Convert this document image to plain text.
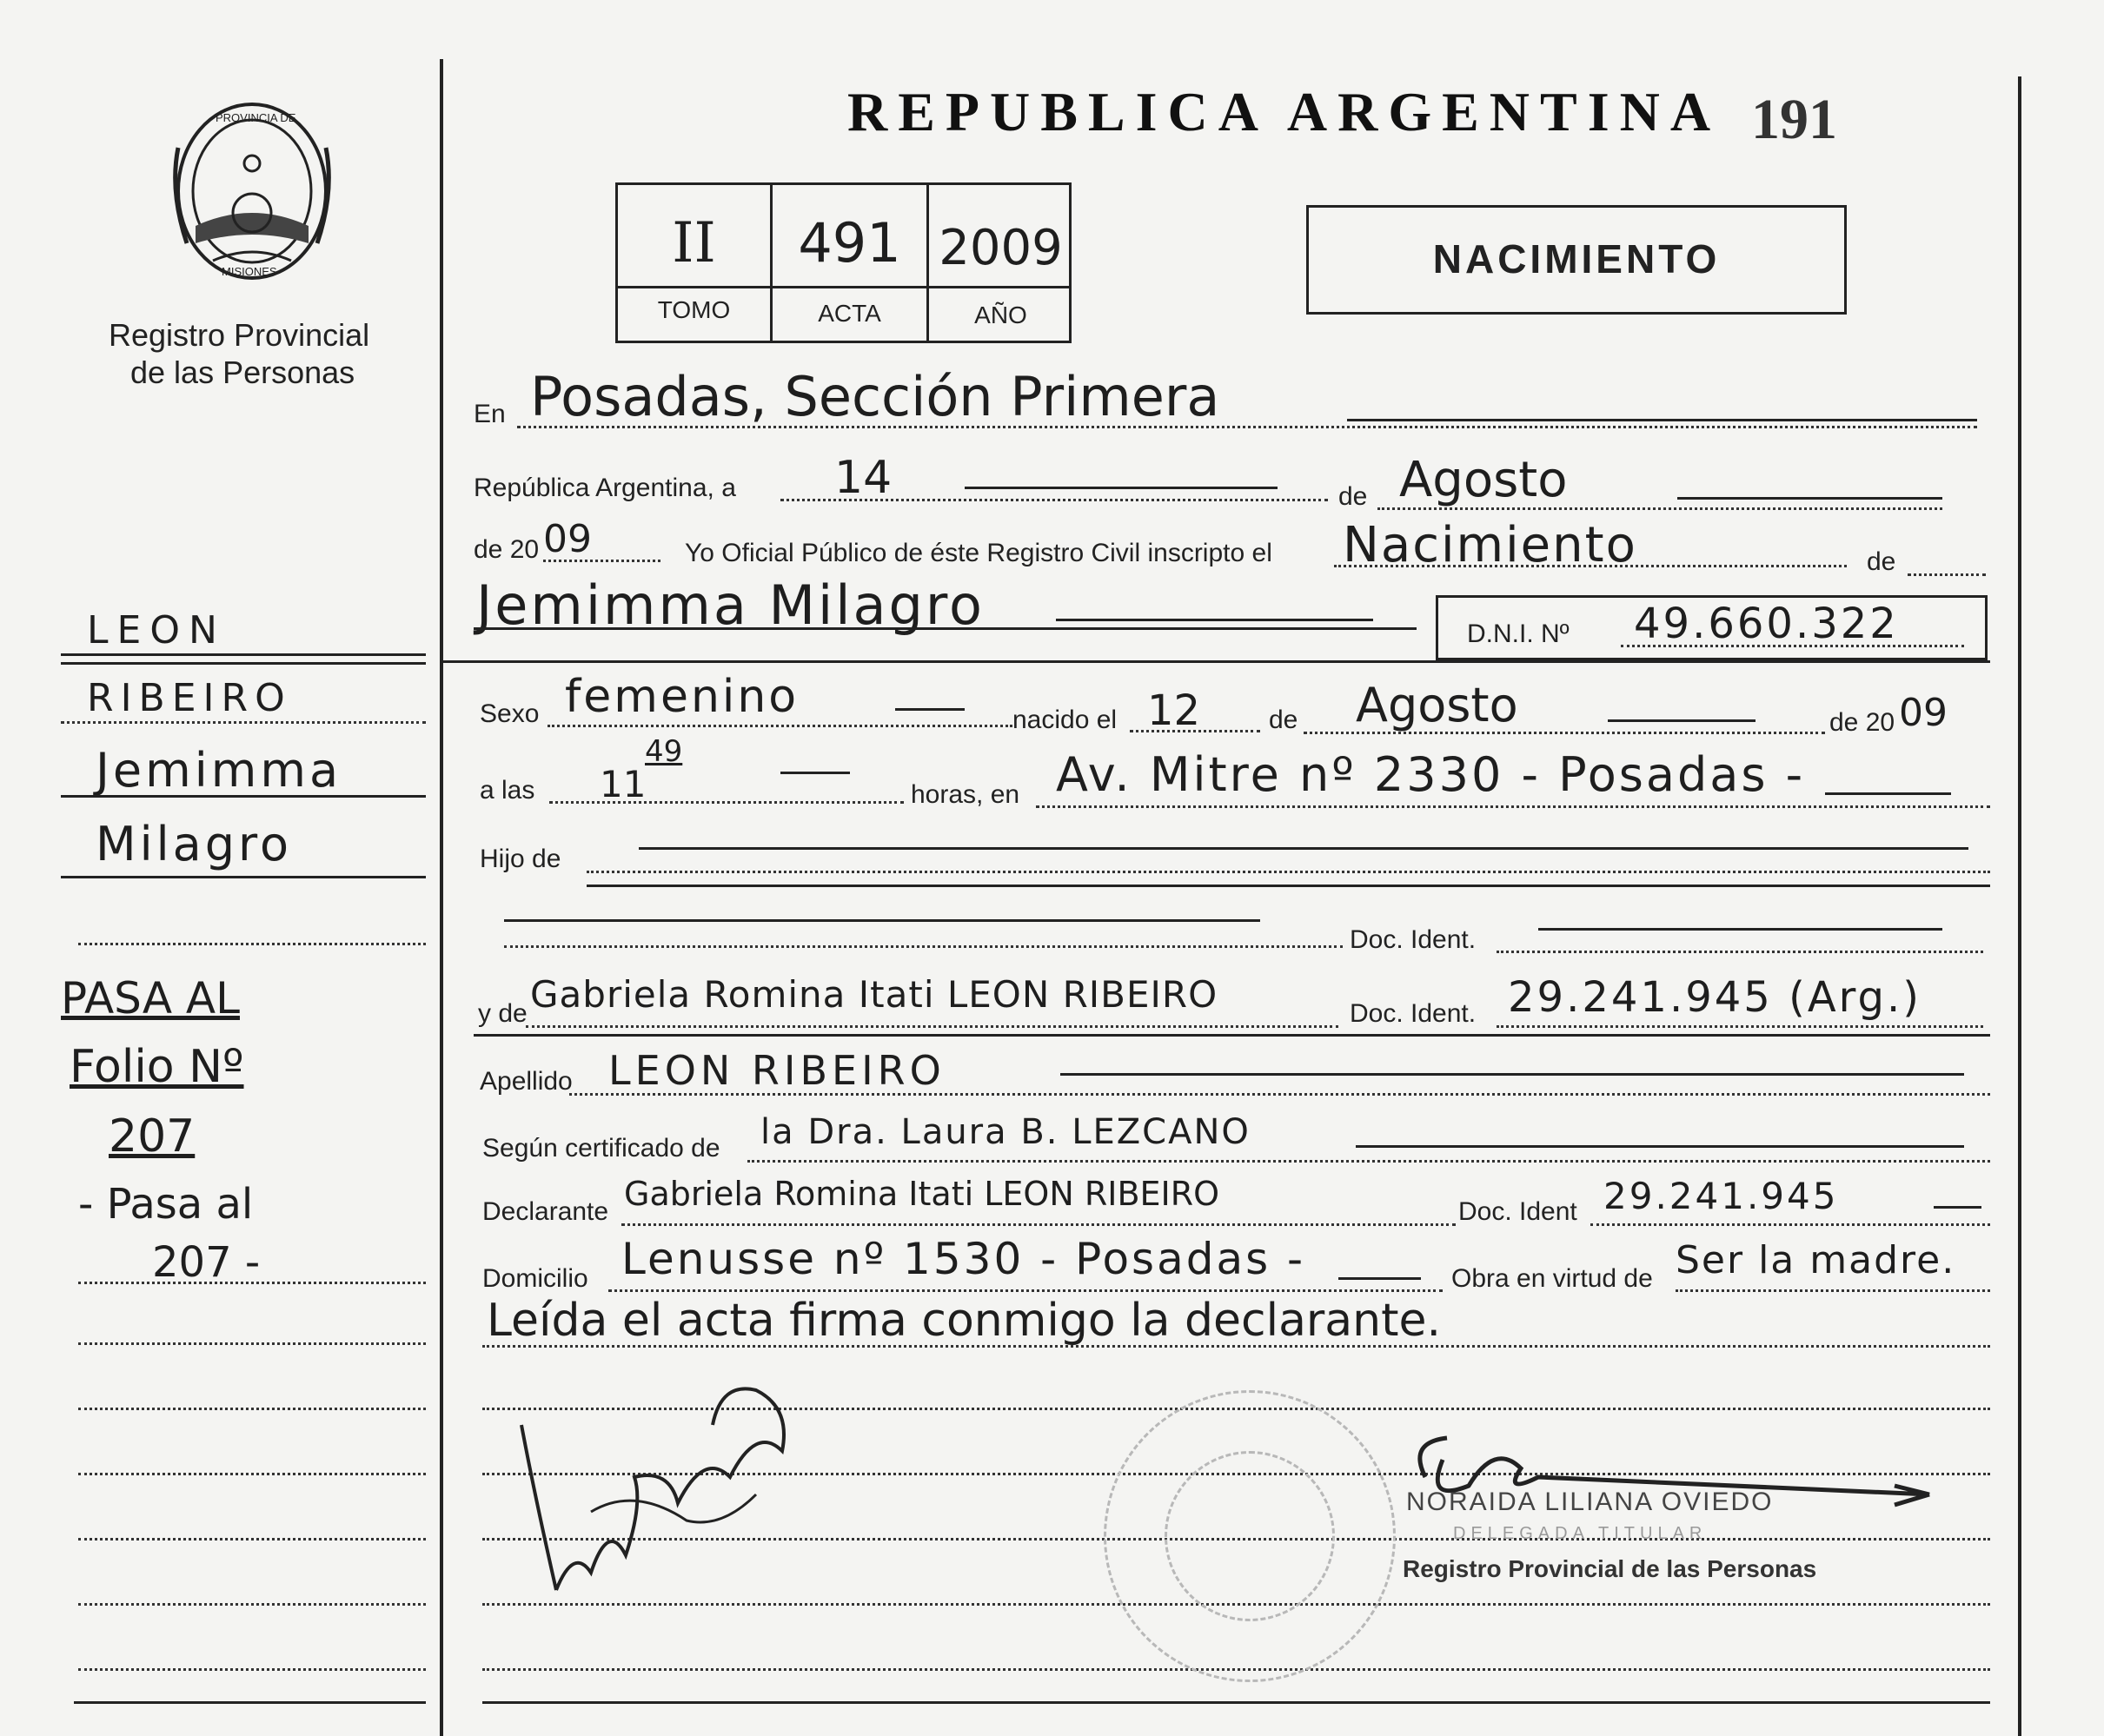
PROVINCIA DE
MISIONES
Registro Provincial
de las Personas
REPUBLICA ARGENTINA 191
II	491 2009
TOMO	ACTA	AÑO
NACIMIENTO
LEON
RIBEIRO
Jemimma
Milagro
PASA AL
Folio Nº
207
- Pasa al
207 -
En Posadas, Sección Primera
República Argentina, a 14	de Agosto
de 20 09	Yo Oficial Público de éste Registro Civil inscripto el Nacimiento	de
Jemimma Milagro	D.N.I. Nº 49.660.322
Sexo femenino	nacido el 12	de Agosto	de 20 09
a las 11
49
horas, en Av. Mitre nº 2330 - Posadas -
Hijo de
Doc. Ident.
y de Gabriela Romina Itati LEON RIBEIRO	Doc. Ident. 29.241.945 (Arg.)
Apellido LEON RIBEIRO
Según certificado de la Dra. Laura B. LEZCANO
Declarante Gabriela Romina Itati LEON RIBEIRO	Doc. Ident 29.241.945
Domicilio Lenusse nº 1530 - Posadas -	Obra en virtud de Ser la madre.
Leída el acta firma conmigo la declarante.
NORAIDA LILIANA OVIEDO
DELEGADA TITULAR
Registro Provincial de las Personas
